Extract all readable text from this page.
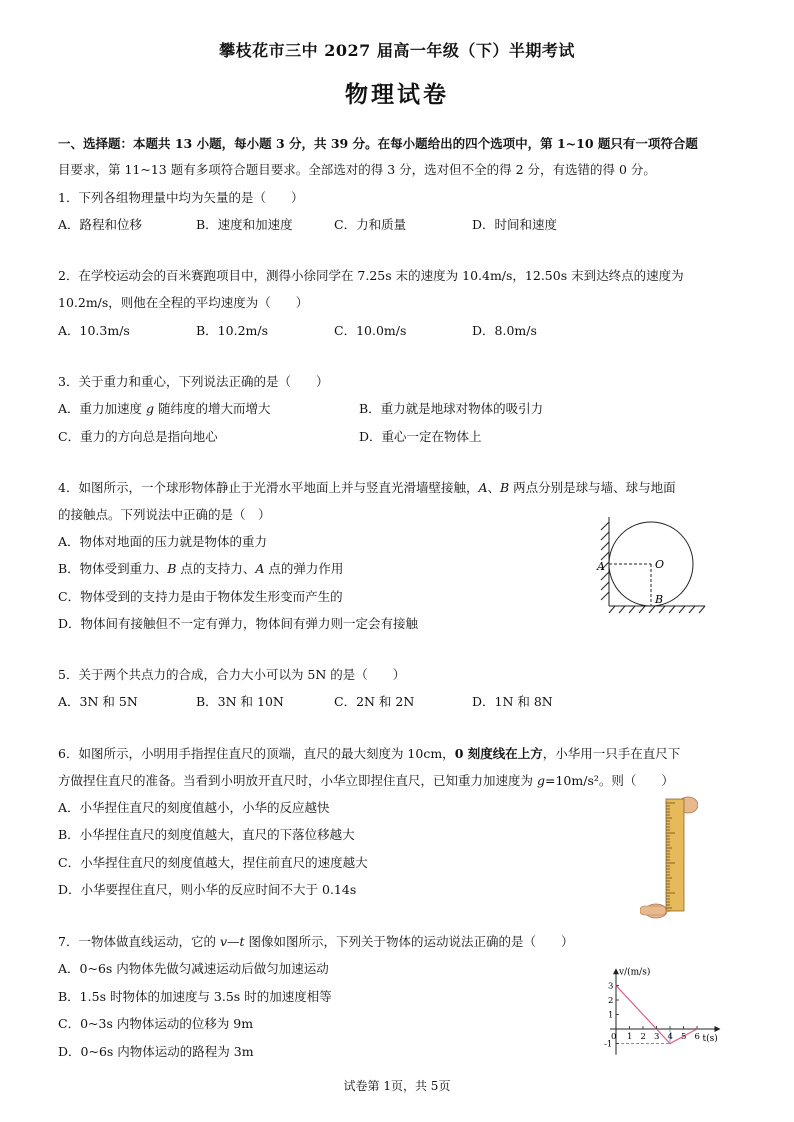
攀枝花市三中 2027 届高一年级（下）半期考试
物理试卷
一、选择题：本题共 13 小题，每小题 3 分，共 39 分。在每小题给出的四个选项中，第 1~10 题只有一项符合题
目要求，第 11~13 题有多项符合题目要求。全部选对的得 3 分，选对但不全的得 2 分，有选错的得 0 分。
1．下列各组物理量中均为矢量的是（　　）
A．路程和位移	B．速度和加速度	C．力和质量	D．时间和速度
2．在学校运动会的百米赛跑项目中，测得小徐同学在 7.25s 末的速度为 10.4m/s，12.50s 末到达终点的速度为
10.2m/s，则他在全程的平均速度为（　　）
A．10.3m/s	B．10.2m/s	C．10.0m/s	D．8.0m/s
3．关于重力和重心，下列说法正确的是（　　）
A．重力加速度 g 随纬度的增大而增大	B．重力就是地球对物体的吸引力
C．重力的方向总是指向地心	D．重心一定在物体上
4．如图所示，一个球形物体静止于光滑水平地面上并与竖直光滑墙壁接触，A、B 两点分别是球与墙、球与地面
的接触点。下列说法中正确的是（　）
A．物体对地面的压力就是物体的重力
B．物体受到重力、B 点的支持力、A 点的弹力作用
C．物体受到的支持力是由于物体发生形变而产生的
D．物体间有接触但不一定有弹力，物体间有弹力则一定会有接触
A	O
B
5．关于两个共点力的合成，合力大小可以为 5N 的是（　　）
A．3N 和 5N	B．3N 和 10N	C．2N 和 2N	D．1N 和 8N
6．如图所示，小明用手指捏住直尺的顶端，直尺的最大刻度为 10cm，0 刻度线在上方，小华用一只手在直尺下
方做捏住直尺的准备。当看到小明放开直尺时，小华立即捏住直尺，已知重力加速度为 g=10m/s²。则（　　）
A．小华捏住直尺的刻度值越小，小华的反应越快
B．小华捏住直尺的刻度值越大，直尺的下落位移越大
C．小华捏住直尺的刻度值越大，捏住前直尺的速度越大
D．小华要捏住直尺，则小华的反应时间不大于 0.14s
7．一物体做直线运动，它的 v—t 图像如图所示，下列关于物体的运动说法正确的是（　　）
A．0~6s 内物体先做匀减速运动后做匀加速运动
B．1.5s 时物体的加速度与 3.5s 时的加速度相等
C．0~3s 内物体运动的位移为 9m
D．0~6s 内物体运动的路程为 3m
0 1 2 3 4 5 6
3
2
1
-1
v/(m/s)
t(s)
试卷第 1页，共 5页
